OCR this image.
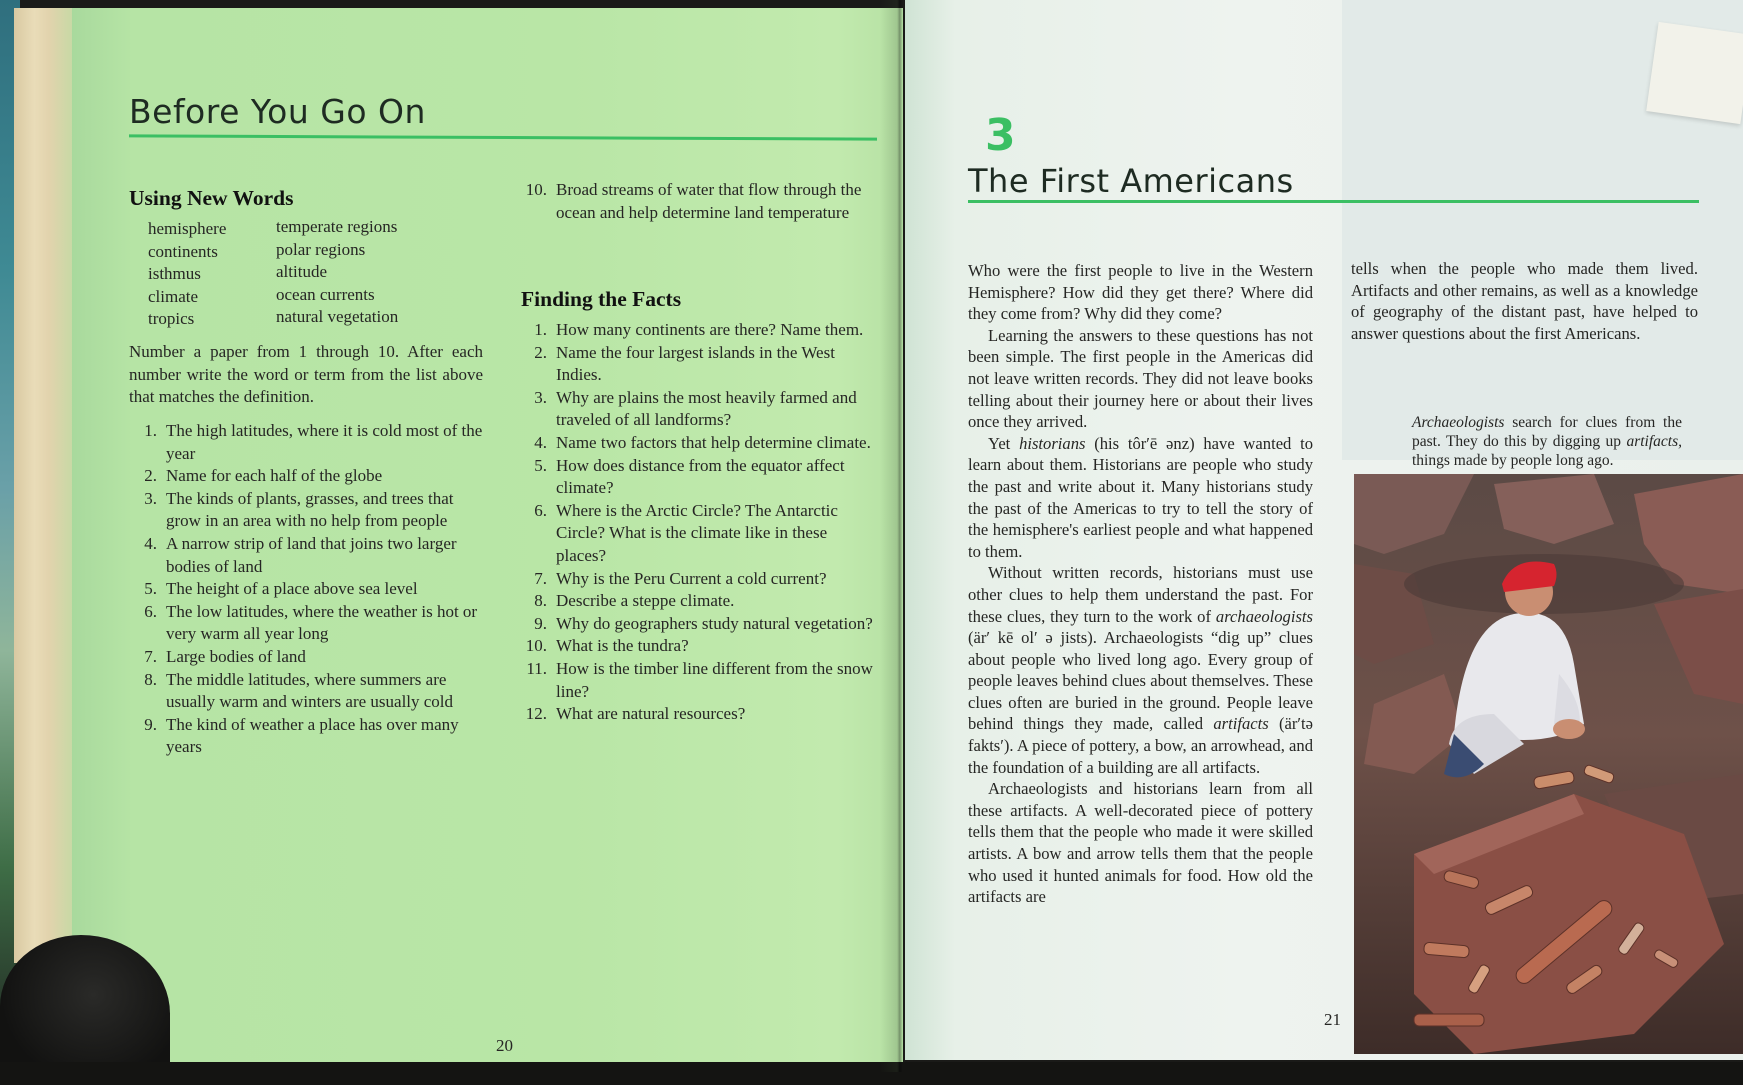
Before You Go On
Using New Words
hemisphere
continents
isthmus
climate
tropics
temperate regions
polar regions
altitude
ocean currents
natural vegetation
Number a paper from 1 through 10. After each number write the word or term from the list above that matches the definition.
1. The high latitudes, where it is cold most of the year
2. Name for each half of the globe
3. The kinds of plants, grasses, and trees that grow in an area with no help from people
4. A narrow strip of land that joins two larger bodies of land
5. The height of a place above sea level
6. The low latitudes, where the weather is hot or very warm all year long
7. Large bodies of land
8. The middle latitudes, where summers are usually warm and winters are usually cold
9. The kind of weather a place has over many years
10. Broad streams of water that flow through the ocean and help determine land temperature
Finding the Facts
1. How many continents are there? Name them.
2. Name the four largest islands in the West Indies.
3. Why are plains the most heavily farmed and traveled of all landforms?
4. Name two factors that help determine climate.
5. How does distance from the equator affect climate?
6. Where is the Arctic Circle? The Antarctic Circle? What is the climate like in these places?
7. Why is the Peru Current a cold current?
8. Describe a steppe climate.
9. Why do geographers study natural vegetation?
10. What is the tundra?
11. How is the timber line different from the snow line?
12. What are natural resources?
20
3
The First Americans

Who were the first people to live in the Western Hemisphere? How did they get there? Where did they come from? Why did they come?

Learning the answers to these questions has not been simple. The first people in the Americas did not leave written records. They did not leave books telling about their journey here or about their lives once they arrived.

Yet historians (his tôr′ē ənz) have wanted to learn about them. Historians are people who study the past and write about it. Many historians study the past of the Americas to try to tell the story of the hemisphere's earliest people and what happened to them.

Without written records, historians must use other clues to help them understand the past. For these clues, they turn to the work of archaeologists (är′ kē ol′ ə jists). Archaeologists “dig up” clues about people who lived long ago. Every group of people leaves behind clues about themselves. These clues often are buried in the ground. People leave behind things they made, called artifacts (är′tə fakts′). A piece of pottery, a bow, an arrowhead, and the foundation of a building are all artifacts.

Archaeologists and historians learn from all these artifacts. A well-decorated piece of pottery tells them that the people who made it were skilled artists. A bow and arrow tells them that the people who used it hunted animals for food. How old the artifacts are

tells when the people who made them lived. Artifacts and other remains, as well as a knowledge of geography of the distant past, have helped to answer questions about the first Americans.

Archaeologists search for clues from the past. They do this by digging up artifacts, things made by people long ago.
21
